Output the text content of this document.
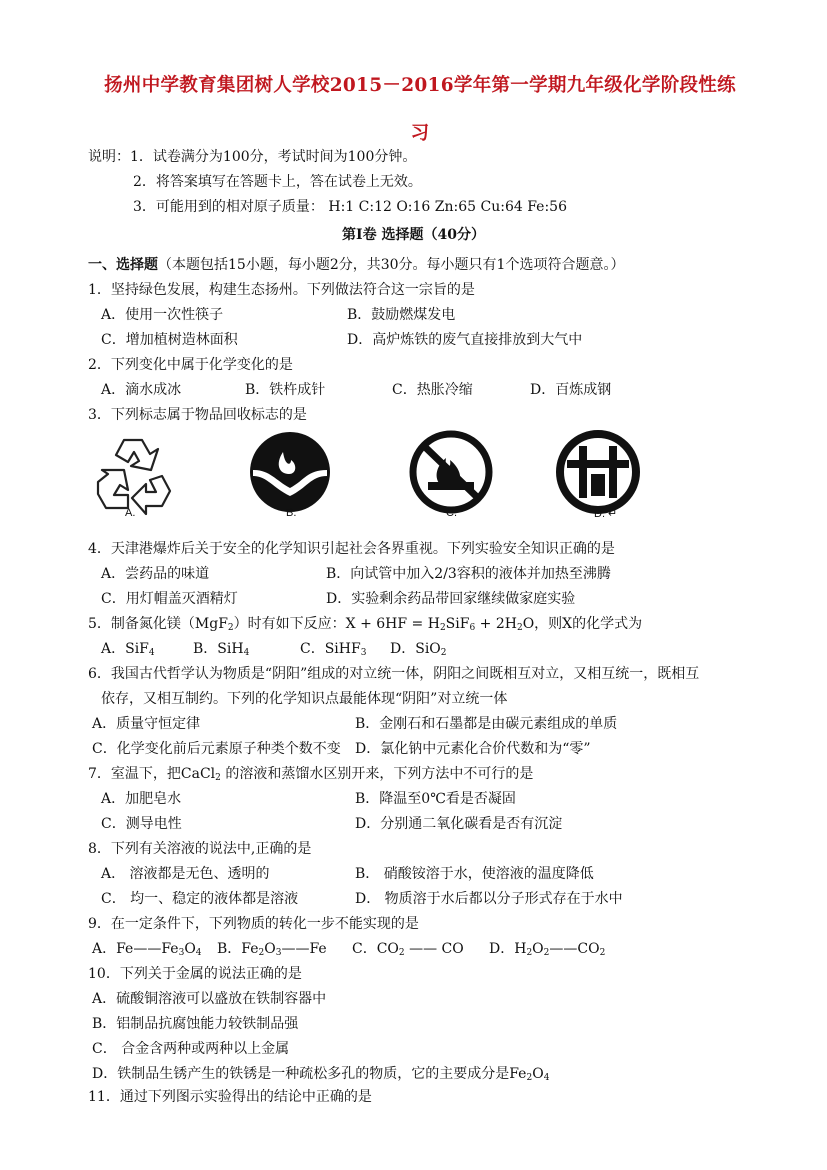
扬州中学教育集团树人学校2015－2016学年第一学期九年级化学阶段性练
习
说明：1．试卷满分为100分，考试时间为100分钟。
2．将答案填写在答题卡上，答在试卷上无效。
3．可能用到的相对原子质量： H:1 C:12 O:16 Zn:65 Cu:64 Fe:56
第Ⅰ卷 选择题（40分）
一、选择题（本题包括15小题，每小题2分，共30分。每小题只有1个选项符合题意。）
1．坚持绿色发展，构建生态扬州。下列做法符合这一宗旨的是
A．使用一次性筷子	B．鼓励燃煤发电
C．增加植树造林面积	D．高炉炼铁的废气直接排放到大气中
2．下列变化中属于化学变化的是
A．滴水成冰	B．铁杵成针	C．热胀冷缩	D．百炼成钢
3．下列标志属于物品回收标志的是
A.	B.	C.	D. ↵
4．天津港爆炸后关于安全的化学知识引起社会各界重视。下列实验安全知识正确的是
A．尝药品的味道	B．向试管中加入2/3容积的液体并加热至沸腾
C．用灯帽盖灭酒精灯	D．实验剩余药品带回家继续做家庭实验
5．制备氮化镁（MgF$_2$）时有如下反应：$X + 6HF = H_2SiF_6 + 2H_2O$，则X的化学式为
A．SiF$_4$	B．SiH$_4$	C．SiHF$_3$ D．SiO$_2$
6．我国古代哲学认为物质是“阴阳”组成的对立统一体，阴阳之间既相互对立，又相互统一，既相互
依存，又相互制约。下列的化学知识点最能体现“阴阳”对立统一体
A．质量守恒定律	B．金刚石和石墨都是由碳元素组成的单质
C．化学变化前后元素原子种类个数不变 D．氯化钠中元素化合价代数和为“零”
7．室温下，把CaCl$_2$ 的溶液和蒸馏水区别开来，下列方法中不可行的是
A．加肥皂水	B．降温至0℃看是否凝固
C．测导电性	D．分别通二氧化碳看是否有沉淀
8．下列有关溶液的说法中,正确的是
A． 溶液都是无色、透明的	B． 硝酸铵溶于水，使溶液的温度降低
C． 均一、稳定的液体都是溶液	D． 物质溶于水后都以分子形式存在于水中
9．在一定条件下，下列物质的转化一步不能实现的是
A．$Fe——Fe_3O_4$ B．$Fe_2O_3——Fe$ C．$CO_2$ —— CO D．$H_2O_2——CO_2$
10．下列关于金属的说法正确的是
A．硫酸铜溶液可以盛放在铁制容器中
B．铝制品抗腐蚀能力较铁制品强
C． 合金含两种或两种以上金属
D．铁制品生锈产生的铁锈是一种疏松多孔的物质，它的主要成分是$Fe_2O_4$
11．通过下列图示实验得出的结论中正确的是
